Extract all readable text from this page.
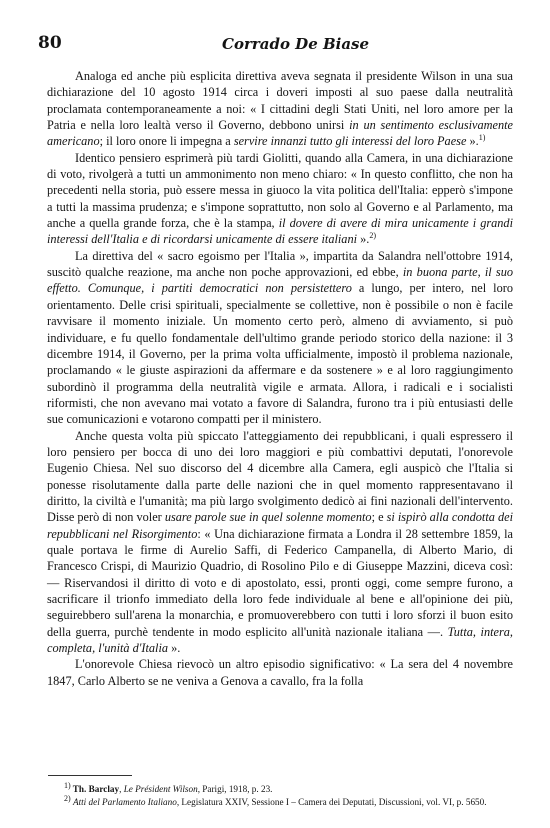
80	Corrado De Biase

Analoga ed anche più esplicita direttiva aveva segnata il presidente Wilson in una sua dichiarazione del 10 agosto 1914 circa i doveri imposti al suo paese dalla neutralità proclamata contemporaneamente a noi: « I cittadini degli Stati Uniti, nel loro amore per la Patria e nella loro lealtà verso il Governo, debbono unirsi in un sentimento esclusivamente americano; il loro onore li impegna a servire innanzi tutto gli interessi del loro Paese ».$^{1)}$

Identico pensiero esprimerà più tardi Giolitti, quando alla Camera, in una dichiarazione di voto, rivolgerà a tutti un ammonimento non meno chiaro: « In questo conflitto, che non ha precedenti nella storia, può essere messa in giuoco la vita politica dell'Italia: epperò s'impone a tutti la massima prudenza; e s'impone soprattutto, non solo al Governo e al Parlamento, ma anche a quella grande forza, che è la stampa, il dovere di avere di mira unicamente i grandi interessi dell'Italia e di ricordarsi unicamente di essere italiani ».$^{2)}$

La direttiva del « sacro egoismo per l'Italia », impartita da Salandra nell'ottobre 1914, suscitò qualche reazione, ma anche non poche approvazioni, ed ebbe, in buona parte, il suo effetto. Comunque, i partiti democratici non persistettero a lungo, per intero, nel loro orientamento. Delle crisi spirituali, specialmente se collettive, non è possibile o non è facile ravvisare il momento iniziale. Un momento certo però, almeno di avviamento, si può individuare, e fu quello fondamentale dell'ultimo grande periodo storico della nazione: il 3 dicembre 1914, il Governo, per la prima volta ufficialmente, impostò il problema nazionale, proclamando « le giuste aspirazioni da affermare e da sostenere » e al loro raggiungimento subordinò il programma della neutralità vigile e armata. Allora, i radicali e i socialisti riformisti, che non avevano mai votato a favore di Salandra, furono tra i più entusiasti delle sue comunicazioni e votarono compatti per il ministero.

Anche questa volta più spiccato l'atteggiamento dei repubblicani, i quali espressero il loro pensiero per bocca di uno dei loro maggiori e più combattivi deputati, l'onorevole Eugenio Chiesa. Nel suo discorso del 4 dicembre alla Camera, egli auspicò che l'Italia si ponesse risolutamente dalla parte delle nazioni che in quel momento rappresentavano il diritto, la civiltà e l'umanità; ma più largo svolgimento dedicò ai fini nazionali dell'intervento. Disse però di non voler usare parole sue in quel solenne momento; e si ispirò alla condotta dei repubblicani nel Risorgimento: « Una dichiarazione firmata a Londra il 28 settembre 1859, la quale portava le firme di Aurelio Saffi, di Federico Campanella, di Alberto Mario, di Francesco Crispi, di Maurizio Quadrio, di Rosolino Pilo e di Giuseppe Mazzini, diceva così: — Riservandosi il diritto di voto e di apostolato, essi, pronti oggi, come sempre furono, a sacrificare il trionfo immediato della loro fede individuale al bene e all'opinione dei più, seguirebbero sull'arena la monarchia, e promuoverebbero con tutti i loro sforzi il buon esito della guerra, purchè tendente in modo esplicito all'unità nazionale italiana —. Tutta, intera, completa, l'unità d'Italia ».

L'onorevole Chiesa rievocò un altro episodio significativo: « La sera del 4 novembre 1847, Carlo Alberto se ne veniva a Genova a cavallo, fra la folla

$^{1)}$ Th. Barclay, Le Président Wilson, Parigi, 1918, p. 23.

$^{2)}$ Atti del Parlamento Italiano, Legislatura XXIV, Sessione I – Camera dei Deputati, Discussioni, vol. VI, p. 5650.
